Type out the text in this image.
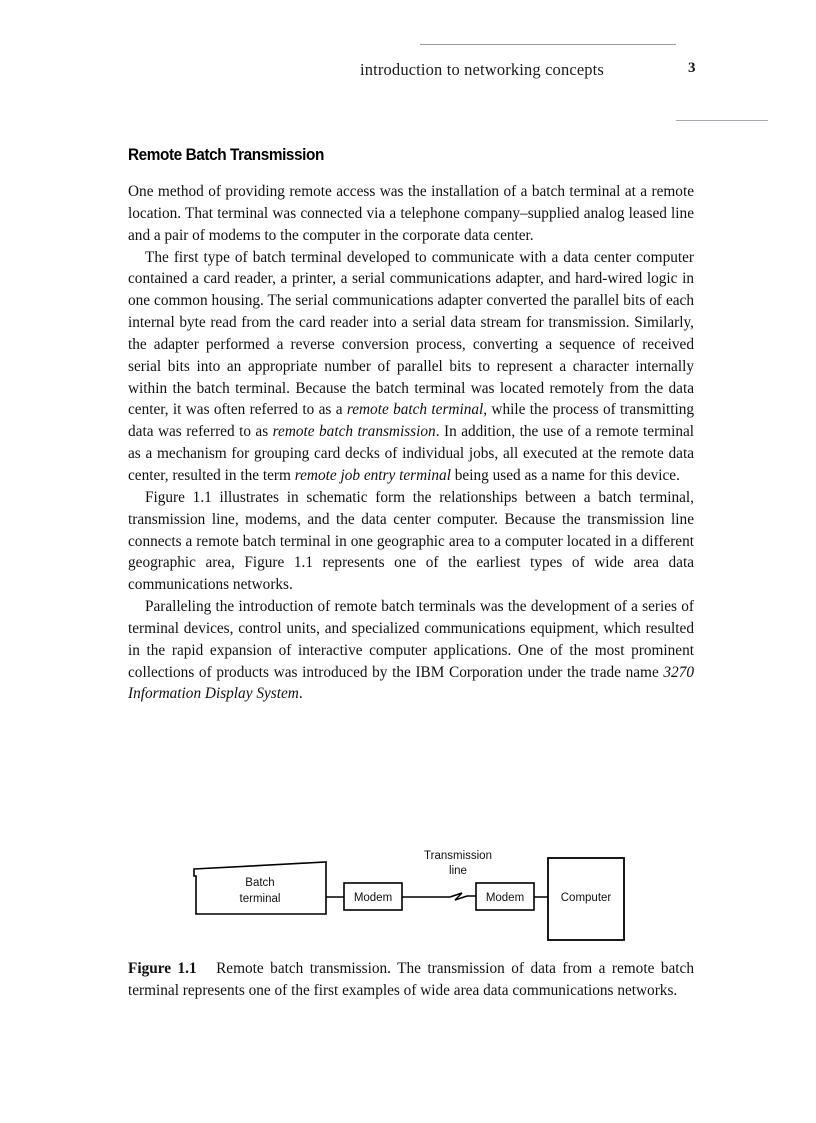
introduction to networking concepts	3
Remote Batch Transmission

One method of providing remote access was the installation of a batch terminal at a remote location. That terminal was connected via a telephone company–supplied analog leased line and a pair of modems to the computer in the corporate data center.

The first type of batch terminal developed to communicate with a data center computer contained a card reader, a printer, a serial communications adapter, and hard-wired logic in one common housing. The serial communications adapter converted the parallel bits of each internal byte read from the card reader into a serial data stream for transmission. Similarly, the adapter performed a reverse conversion process, converting a sequence of received serial bits into an appropriate number of parallel bits to represent a character internally within the batch terminal. Because the batch terminal was located remotely from the data center, it was often referred to as a remote batch terminal, while the process of transmitting data was referred to as remote batch transmission. In addition, the use of a remote terminal as a mechanism for grouping card decks of individual jobs, all executed at the remote data center, resulted in the term remote job entry terminal being used as a name for this device.

Figure 1.1 illustrates in schematic form the relationships between a batch terminal, transmission line, modems, and the data center computer. Because the transmission line connects a remote batch terminal in one geographic area to a computer located in a different geographic area, Figure 1.1 represents one of the earliest types of wide area data communications networks.

Paralleling the introduction of remote batch terminals was the development of a series of terminal devices, control units, and specialized communications equipment, which resulted in the rapid expansion of interactive computer applications. One of the most prominent collections of products was introduced by the IBM Corporation under the trade name 3270 Information Display System.

Batch
terminal	Modem
Transmission
line
Modem	Computer
Figure 1.1 Remote batch transmission. The transmission of data from a remote batch terminal represents one of the first examples of wide area data communications networks.
